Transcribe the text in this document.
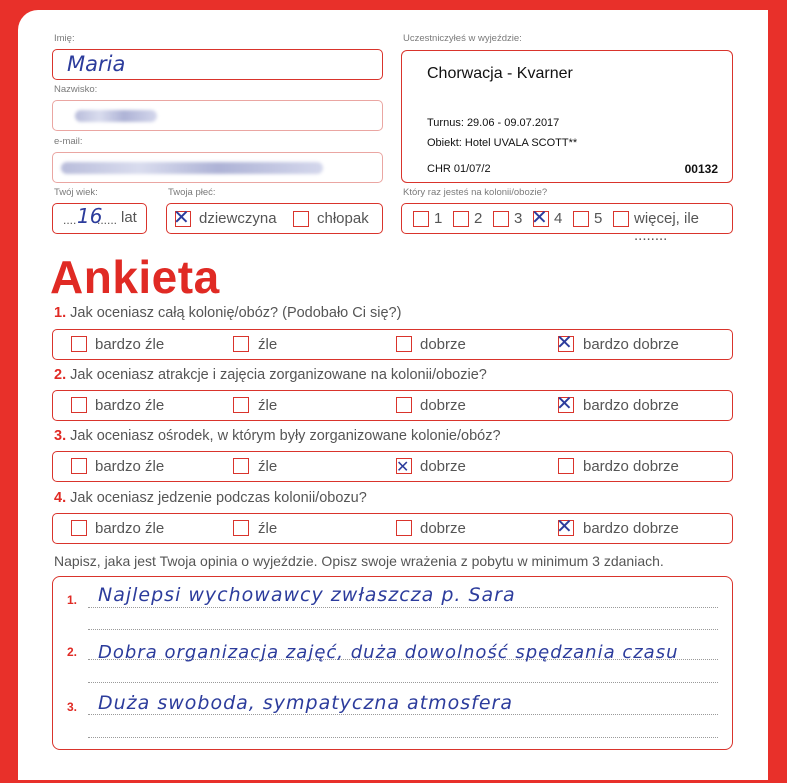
Imię:
Maria
Nazwisko:
e-mail:
Twój wiek:
.... 16
...... lat
Twoja płeć:
✕ dziewczyna	chłopak
Uczestniczyłeś w wyjeździe:
Chorwacja - Kvarner
Turnus: 29.06 - 09.07.2017
Obiekt: Hotel UVALA SCOTT**
CHR 01/07/2	00132
Który raz jesteś na kolonii/obozie?
1 2 3 ✕ 4 5 więcej, ile ........
Ankieta
1. Jak oceniasz całą kolonię/obóz? (Podobało Ci się?)
bardzo źle	źle	dobrze	✕ bardzo dobrze
2. Jak oceniasz atrakcje i zajęcia zorganizowane na kolonii/obozie?
bardzo źle	źle	dobrze	✕ bardzo dobrze
3. Jak oceniasz ośrodek, w którym były zorganizowane kolonie/obóz?
bardzo źle	źle	✕ dobrze	bardzo dobrze
4. Jak oceniasz jedzenie podczas kolonii/obozu?
bardzo źle	źle	dobrze	✕ bardzo dobrze
Napisz, jaka jest Twoja opinia o wyjeździe. Opisz swoje wrażenia z pobytu w minimum 3 zdaniach.
1. Najlepsi wychowawcy zwłaszcza p. Sara
2. Dobra organizacja zajęć, duża dowolność spędzania czasu
3. Duża swoboda, sympatyczna atmosfera
